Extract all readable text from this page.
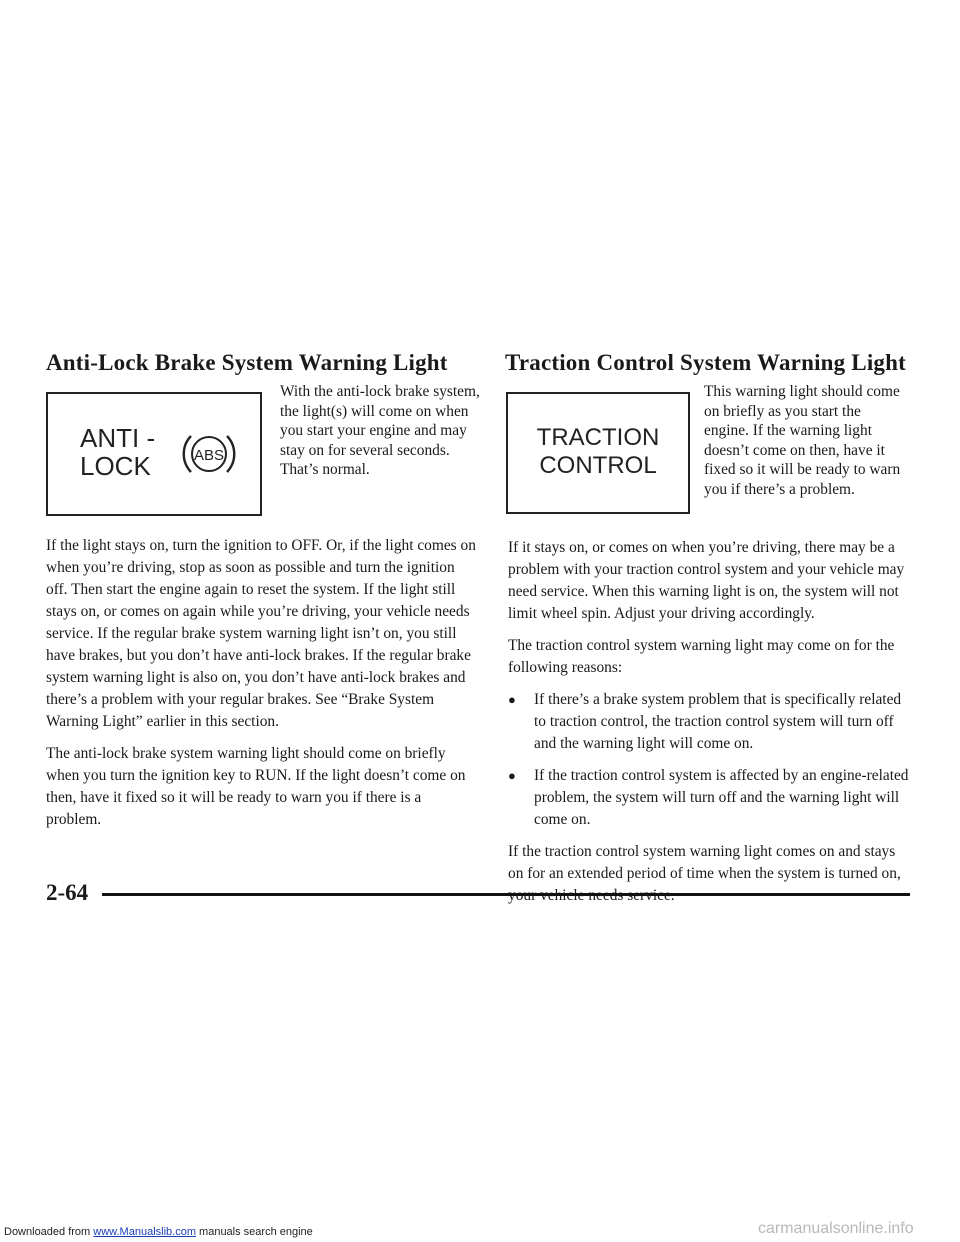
Anti-Lock Brake System Warning Light
ANTI -
LOCK	ABS
With the anti-lock brake system, the light(s) will come on when you start your engine and may stay on for several seconds. That’s normal.

If the light stays on, turn the ignition to OFF. Or, if the light comes on when you’re driving, stop as soon as possible and turn the ignition off. Then start the engine again to reset the system. If the light still stays on, or comes on again while you’re driving, your vehicle needs service. If the regular brake system warning light isn’t on, you still have brakes, but you don’t have anti-lock brakes. If the regular brake system warning light is also on, you don’t have anti-lock brakes and there’s a problem with your regular brakes. See “Brake System Warning Light” earlier in this section.

The anti-lock brake system warning light should come on briefly when you turn the ignition key to RUN. If the light doesn’t come on then, have it fixed so it will be ready to warn you if there is a problem.

Traction Control System Warning Light
TRACTION
CONTROL
This warning light should come on briefly as you start the engine. If the warning light doesn’t come on then, have it fixed so it will be ready to warn you if there’s a problem.

If it stays on, or comes on when you’re driving, there may be a problem with your traction control system and your vehicle may need service. When this warning light is on, the system will not limit wheel spin. Adjust your driving accordingly.

The traction control system warning light may come on for the following reasons:

●	If there’s a brake system problem that is specifically related to traction control, the traction control system will turn off and the warning light will come on.
●	If the traction control system is affected by an engine-related problem, the system will turn off and the warning light will come on.

If the traction control system warning light comes on and stays on for an extended period of time when the system is turned on,

2-64
Downloaded from www.Manualslib.com manuals search engine	carmanualsonline.info
